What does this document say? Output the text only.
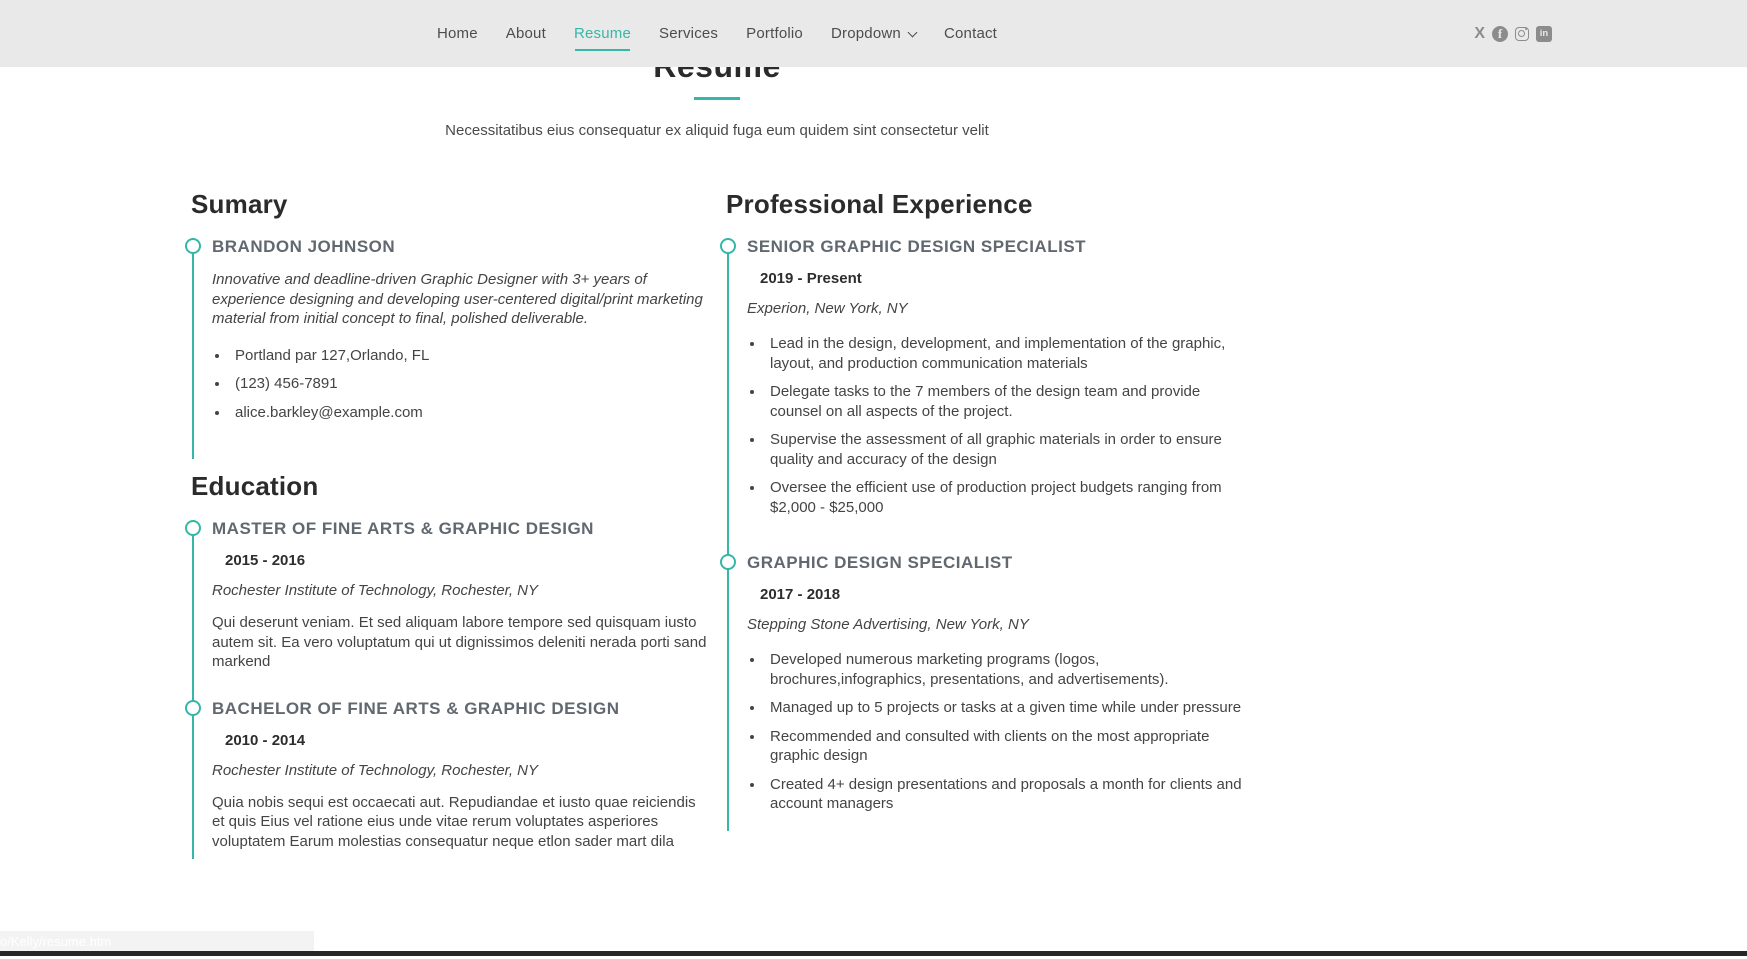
Home About Resume Services Portfolio Dropdown	Contact
X
f
in

Necessitatibus eius consequatur ex aliquid fuga eum quidem sint consectetur velit

Sumary
BRANDON JOHNSON

Innovative and deadline-driven Graphic Designer with 3+ years of experience designing and developing user-centered digital/print marketing material from initial concept to final, polished deliverable.

• Portland par 127,Orlando, FL
• (123) 456-7891
• alice.barkley@example.com
Education
MASTER OF FINE ARTS & GRAPHIC DESIGN
2015 - 2016

Rochester Institute of Technology, Rochester, NY

Qui deserunt veniam. Et sed aliquam labore tempore sed quisquam iusto autem sit. Ea vero voluptatum qui ut dignissimos deleniti nerada porti sand markend

BACHELOR OF FINE ARTS & GRAPHIC DESIGN
2010 - 2014

Rochester Institute of Technology, Rochester, NY

Quia nobis sequi est occaecati aut. Repudiandae et iusto quae reiciendis et quis Eius vel ratione eius unde vitae rerum voluptates asperiores voluptatem Earum molestias consequatur neque etlon sader mart dila

Professional Experience
SENIOR GRAPHIC DESIGN SPECIALIST
2019 - Present

Experion, New York, NY

• Lead in the design, development, and implementation of the graphic, layout, and production communication materials
• Delegate tasks to the 7 members of the design team and provide counsel on all aspects of the project.
• Supervise the assessment of all graphic materials in order to ensure quality and accuracy of the design
• Oversee the efficient use of production project budgets ranging from $2,000 - $25,000
GRAPHIC DESIGN SPECIALIST
2017 - 2018

Stepping Stone Advertising, New York, NY

• Developed numerous marketing programs (logos, brochures,infographics, presentations, and advertisements).
• Managed up to 5 projects or tasks at a given time while under pressure
• Recommended and consulted with clients on the most appropriate graphic design
• Created 4+ design presentations and proposals a month for clients and account managers
o/Kelly/resume.htm
